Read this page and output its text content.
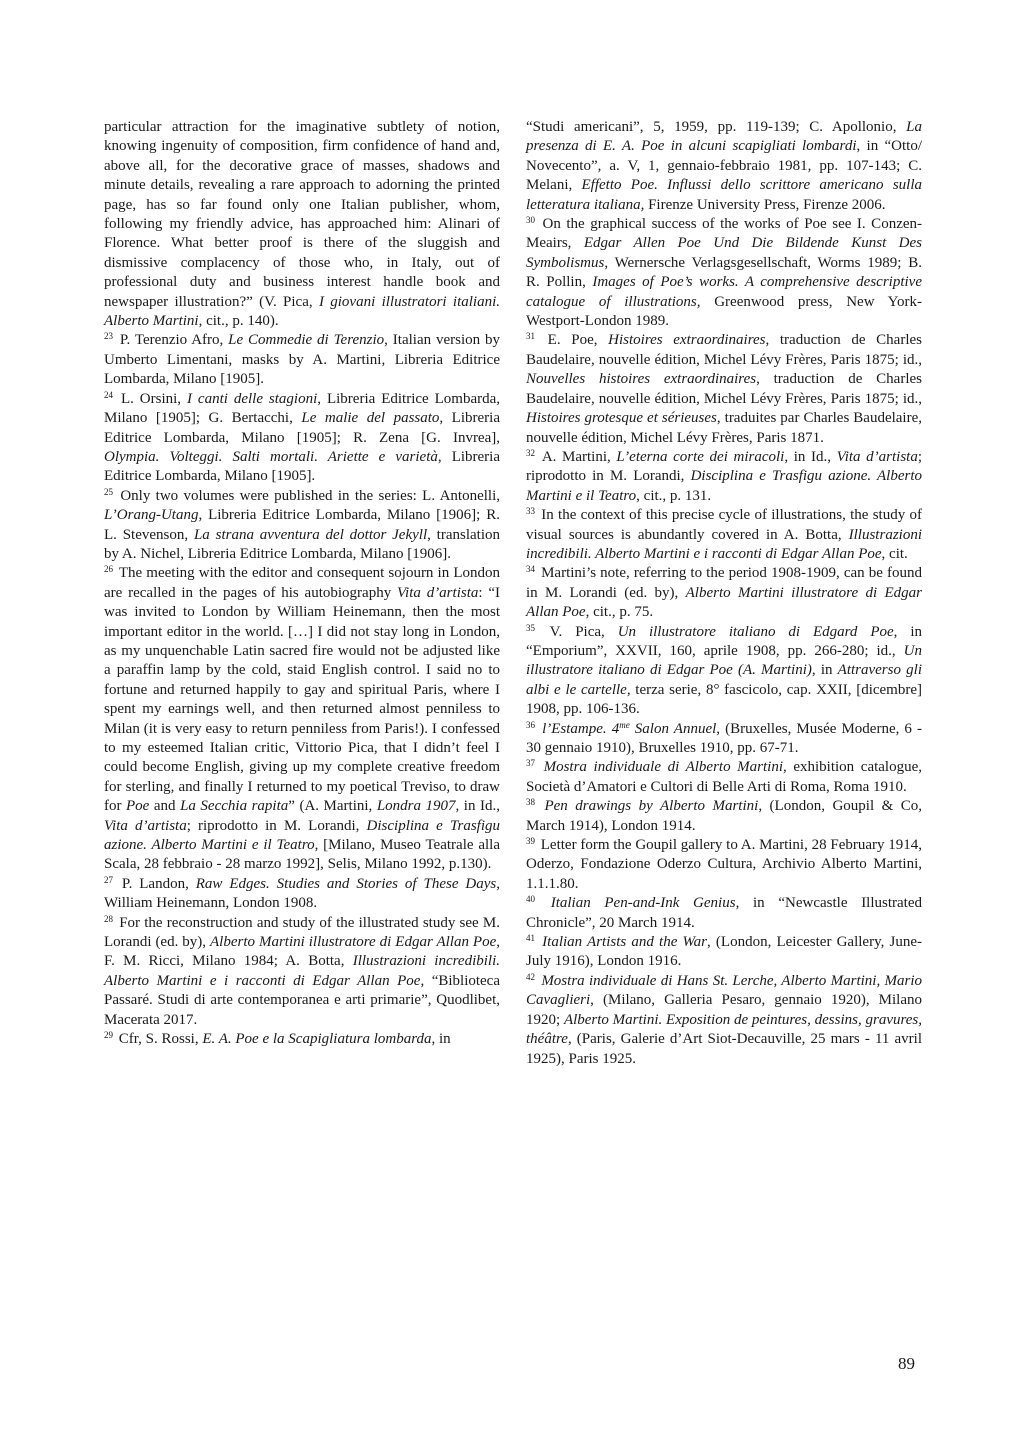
particular attraction for the imaginative subtlety of notion, knowing ingenuity of composition, firm confidence of hand and, above all, for the decorative grace of masses, shadows and minute details, revealing a rare approach to adorning the printed page, has so far found only one Italian publisher, whom, following my friendly advice, has approached him: Alinari of Florence. What better proof is there of the sluggish and dismissive complacency of those who, in Italy, out of professional duty and business interest handle book and newspaper illustration?” (V. Pica, I giovani illustratori italiani. Alberto Martini, cit., p. 140).

$^{23}$ P. Terenzio Afro, Le Commedie di Terenzio, Italian version by Umberto Limentani, masks by A. Martini, Libreria Editrice Lombarda, Milano [1905].

$^{24}$ L. Orsini, I canti delle stagioni, Libreria Editrice Lombarda, Milano [1905]; G. Bertacchi, Le malie del passato, Libreria Editrice Lombarda, Milano [1905]; R. Zena [G. Invrea], Olympia. Volteggi. Salti mortali. Ariette e varietà, Libreria Editrice Lombarda, Milano [1905].

$^{25}$ Only two volumes were published in the series: L. Antonelli, L’Orang-Utang, Libreria Editrice Lombarda, Milano [1906]; R. L. Stevenson, La strana avventura del dottor Jekyll, translation by A. Nichel, Libreria Editrice Lombarda, Milano [1906].

$^{26}$ The meeting with the editor and consequent sojourn in London are recalled in the pages of his autobiography Vita d’artista: “I was invited to London by William Heinemann, then the most important editor in the world. […] I did not stay long in London, as my unquenchable Latin sacred fire would not be adjusted like a paraffin lamp by the cold, staid English control. I said no to fortune and returned happily to gay and spiritual Paris, where I spent my earnings well, and then returned almost penniless to Milan (it is very easy to return penniless from Paris!). I confessed to my esteemed Italian critic, Vittorio Pica, that I didn’t feel I could become English, giving up my complete creative freedom for sterling, and finally I returned to my poetical Treviso, to draw for Poe and La Secchia rapita” (A. Martini, Londra 1907, in Id., Vita d’artista; riprodotto in M. Lorandi, Disciplina e Trasfigu azione. Alberto Martini e il Teatro, [Milano, Museo Teatrale alla Scala, 28 febbraio - 28 marzo 1992], Selis, Milano 1992, p.130).

$^{27}$ P. Landon, Raw Edges. Studies and Stories of These Days, William Heinemann, London 1908.

$^{28}$ For the reconstruction and study of the illustrated study see M. Lorandi (ed. by), Alberto Martini illustratore di Edgar Allan Poe, F. M. Ricci, Milano 1984; A. Botta, Illustrazioni incredibili. Alberto Martini e i racconti di Edgar Allan Poe, “Biblioteca Passaré. Studi di arte contemporanea e arti primarie”, Quodlibet, Macerata 2017.

$^{29}$ Cfr, S. Rossi, E. A. Poe e la Scapigliatura lombarda, in

“Studi americani”, 5, 1959, pp. 119-139; C. Apollonio, La presenza di E. A. Poe in alcuni scapigliati lombardi, in “Otto/ Novecento”, a. V, 1, gennaio-febbraio 1981, pp. 107-143; C. Melani, Effetto Poe. Influssi dello scrittore americano sulla letteratura italiana, Firenze University Press, Firenze 2006.

$^{30}$ On the graphical success of the works of Poe see I. Conzen-Meairs, Edgar Allen Poe Und Die Bildende Kunst Des Symbolismus, Wernersche Verlagsgesellschaft, Worms 1989; B. R. Pollin, Images of Poe’s works. A comprehensive descriptive catalogue of illustrations, Greenwood press, New York- Westport-London 1989.

$^{31}$ E. Poe, Histoires extraordinaires, traduction de Charles Baudelaire, nouvelle édition, Michel Lévy Frères, Paris 1875; id., Nouvelles histoires extraordinaires, traduction de Charles Baudelaire, nouvelle édition, Michel Lévy Frères, Paris 1875; id., Histoires grotesque et sérieuses, traduites par Charles Baudelaire, nouvelle édition, Michel Lévy Frères, Paris 1871.

$^{32}$ A. Martini, L’eterna corte dei miracoli, in Id., Vita d’artista; riprodotto in M. Lorandi, Disciplina e Trasfigu azione. Alberto Martini e il Teatro, cit., p. 131.

$^{33}$ In the context of this precise cycle of illustrations, the study of visual sources is abundantly covered in A. Botta, Illustrazioni incredibili. Alberto Martini e i racconti di Edgar Allan Poe, cit.

$^{34}$ Martini’s note, referring to the period 1908-1909, can be found in M. Lorandi (ed. by), Alberto Martini illustratore di Edgar Allan Poe, cit., p. 75.

$^{35}$ V. Pica, Un illustratore italiano di Edgard Poe, in “Emporium”, XXVII, 160, aprile 1908, pp. 266-280; id., Un illustratore italiano di Edgar Poe (A. Martini), in Attraverso gli albi e le cartelle, terza serie, 8° fascicolo, cap. XXII, [dicembre] 1908, pp. 106-136.

$^{36}$ l’Estampe. $4^{me}$ Salon Annuel, (Bruxelles, Musée Moderne, 6 - 30 gennaio 1910), Bruxelles 1910, pp. 67-71.

$^{37}$ Mostra individuale di Alberto Martini, exhibition catalogue, Società d’Amatori e Cultori di Belle Arti di Roma, Roma 1910.

$^{38}$ Pen drawings by Alberto Martini, (London, Goupil & Co, March 1914), London 1914.

$^{39}$ Letter form the Goupil gallery to A. Martini, 28 February 1914, Oderzo, Fondazione Oderzo Cultura, Archivio Alberto Martini, 1.1.1.80.

$^{40}$ Italian Pen-and-Ink Genius, in “Newcastle Illustrated Chronicle”, 20 March 1914.

$^{41}$ Italian Artists and the War, (London, Leicester Gallery, June-July 1916), London 1916.

$^{42}$ Mostra individuale di Hans St. Lerche, Alberto Martini, Mario Cavaglieri, (Milano, Galleria Pesaro, gennaio 1920), Milano 1920; Alberto Martini. Exposition de peintures, dessins, gravures, théâtre, (Paris, Galerie d’Art Siot-Decauville, 25 mars - 11 avril 1925), Paris 1925.

89
